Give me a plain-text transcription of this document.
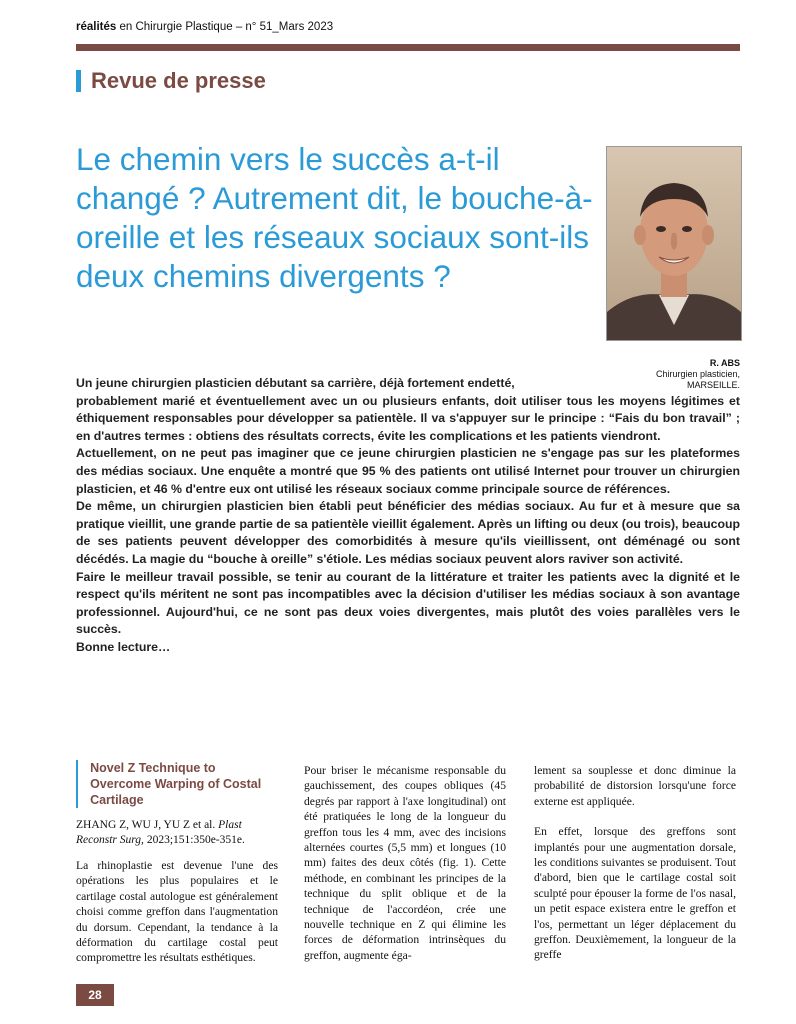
réalités en Chirurgie Plastique – n° 51_Mars 2023
Revue de presse
Le chemin vers le succès a-t-il changé ? Autrement dit, le bouche-à-oreille et les réseaux sociaux sont-ils deux chemins divergents ?
R. ABS
Chirurgien plasticien,
MARSEILLE.

Un jeune chirurgien plasticien débutant sa carrière, déjà fortement endetté,

probablement marié et éventuellement avec un ou plusieurs enfants, doit utiliser tous les moyens légitimes et éthiquement responsables pour développer sa patientèle. Il va s'appuyer sur le principe : “Fais du bon travail” ; en d'autres termes : obtiens des résultats corrects, évite les complications et les patients viendront.

Actuellement, on ne peut pas imaginer que ce jeune chirurgien plasticien ne s'engage pas sur les plateformes des médias sociaux. Une enquête a montré que 95 % des patients ont utilisé Internet pour trouver un chirurgien plasticien, et 46 % d'entre eux ont utilisé les réseaux sociaux comme principale source de références.

De même, un chirurgien plasticien bien établi peut bénéficier des médias sociaux. Au fur et à mesure que sa pratique vieillit, une grande partie de sa patientèle vieillit également. Après un lifting ou deux (ou trois), beaucoup de ses patients peuvent développer des comorbidités à mesure qu'ils vieillissent, ont déménagé ou sont décédés. La magie du “bouche à oreille” s'étiole. Les médias sociaux peuvent alors raviver son activité.

Faire le meilleur travail possible, se tenir au courant de la littérature et traiter les patients avec la dignité et le respect qu'ils méritent ne sont pas incompatibles avec la décision d'utiliser les médias sociaux à son avantage professionnel. Aujourd'hui, ce ne sont pas deux voies divergentes, mais plutôt des voies parallèles vers le succès.

Bonne lecture…

Novel Z Technique to Overcome Warping of Costal Cartilage
ZHANG Z, WU J, YU Z et al. Plast Reconstr Surg, 2023;151:350e-351e.

La rhinoplastie est devenue l'une des opérations les plus populaires et le cartilage costal autologue est généralement choisi comme greffon dans l'augmentation du dorsum. Cependant, la tendance à la déformation du cartilage costal peut compromettre les résultats esthétiques.

Pour briser le mécanisme responsable du gauchissement, des coupes obliques (45 degrés par rapport à l'axe longitudinal) ont été pratiquées le long de la longueur du greffon tous les 4 mm, avec des incisions alternées courtes (5,5 mm) et longues (10 mm) faites des deux côtés (fig. 1). Cette méthode, en combinant les principes de la technique du split oblique et de la technique de l'accordéon, crée une nouvelle technique en Z qui élimine les forces de déformation intrinsèques du greffon, augmente éga-

lement sa souplesse et donc diminue la probabilité de distorsion lorsqu'une force externe est appliquée.

En effet, lorsque des greffons sont implantés pour une augmentation dorsale, les conditions suivantes se produisent. Tout d'abord, bien que le cartilage costal soit sculpté pour épouser la forme de l'os nasal, un petit espace existera entre le greffon et l'os, permettant un léger déplacement du greffon. Deuxièmement, la longueur de la greffe

28
